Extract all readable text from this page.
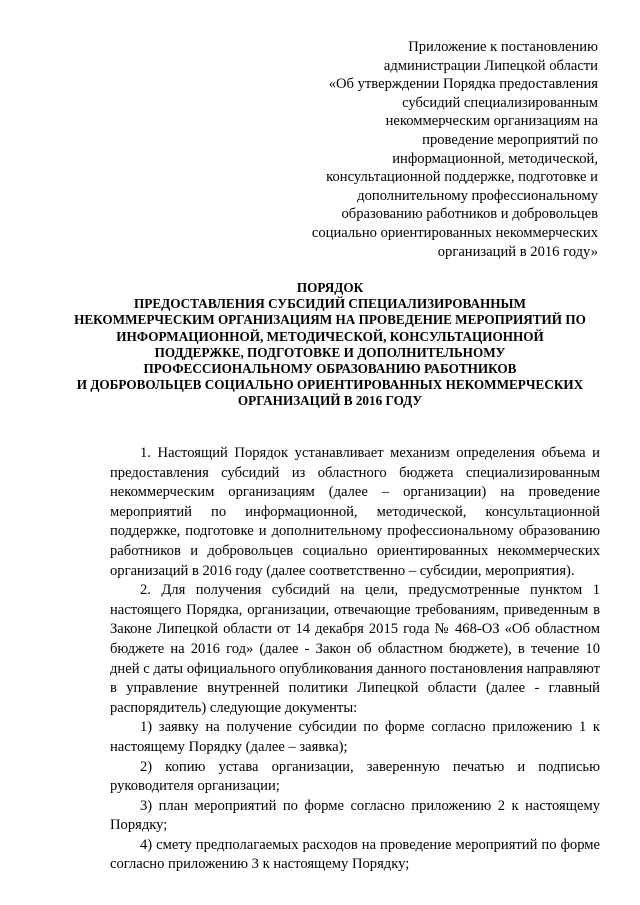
Приложение к постановлению
администрации Липецкой области
«Об утверждении Порядка предоставления
субсидий специализированным
некоммерческим организациям на
проведение мероприятий по
информационной, методической,
консультационной поддержке, подготовке и
дополнительному профессиональному
образованию работников и добровольцев
социально ориентированных некоммерческих
организаций в 2016 году»
ПОРЯДОК
ПРЕДОСТАВЛЕНИЯ СУБСИДИЙ СПЕЦИАЛИЗИРОВАННЫМ
НЕКОММЕРЧЕСКИМ ОРГАНИЗАЦИЯМ НА ПРОВЕДЕНИЕ МЕРОПРИЯТИЙ ПО
ИНФОРМАЦИОННОЙ, МЕТОДИЧЕСКОЙ, КОНСУЛЬТАЦИОННОЙ
ПОДДЕРЖКЕ, ПОДГОТОВКЕ И ДОПОЛНИТЕЛЬНОМУ
ПРОФЕССИОНАЛЬНОМУ ОБРАЗОВАНИЮ РАБОТНИКОВ
И ДОБРОВОЛЬЦЕВ СОЦИАЛЬНО ОРИЕНТИРОВАННЫХ НЕКОММЕРЧЕСКИХ
ОРГАНИЗАЦИЙ В 2016 ГОДУ

1. Настоящий Порядок устанавливает механизм определения объема и предоставления субсидий из областного бюджета специализированным некоммерческим организациям (далее – организации) на проведение мероприятий по информационной, методической, консультационной поддержке, подготовке и дополнительному профессиональному образованию работников и добровольцев социально ориентированных некоммерческих организаций в 2016 году (далее соответственно – субсидии, мероприятия).

2. Для получения субсидий на цели, предусмотренные пунктом 1 настоящего Порядка, организации, отвечающие требованиям, приведенным в Законе Липецкой области от 14 декабря 2015 года № 468-ОЗ «Об областном бюджете на 2016 год» (далее - Закон об областном бюджете), в течение 10 дней с даты официального опубликования данного постановления направляют в управление внутренней политики Липецкой области (далее - главный распорядитель) следующие документы:

1) заявку на получение субсидии по форме согласно приложению 1 к настоящему Порядку (далее – заявка);

2) копию устава организации, заверенную печатью и подписью руководителя организации;

3) план мероприятий по форме согласно приложению 2 к настоящему Порядку;

4) смету предполагаемых расходов на проведение мероприятий по форме согласно приложению 3 к настоящему Порядку;
